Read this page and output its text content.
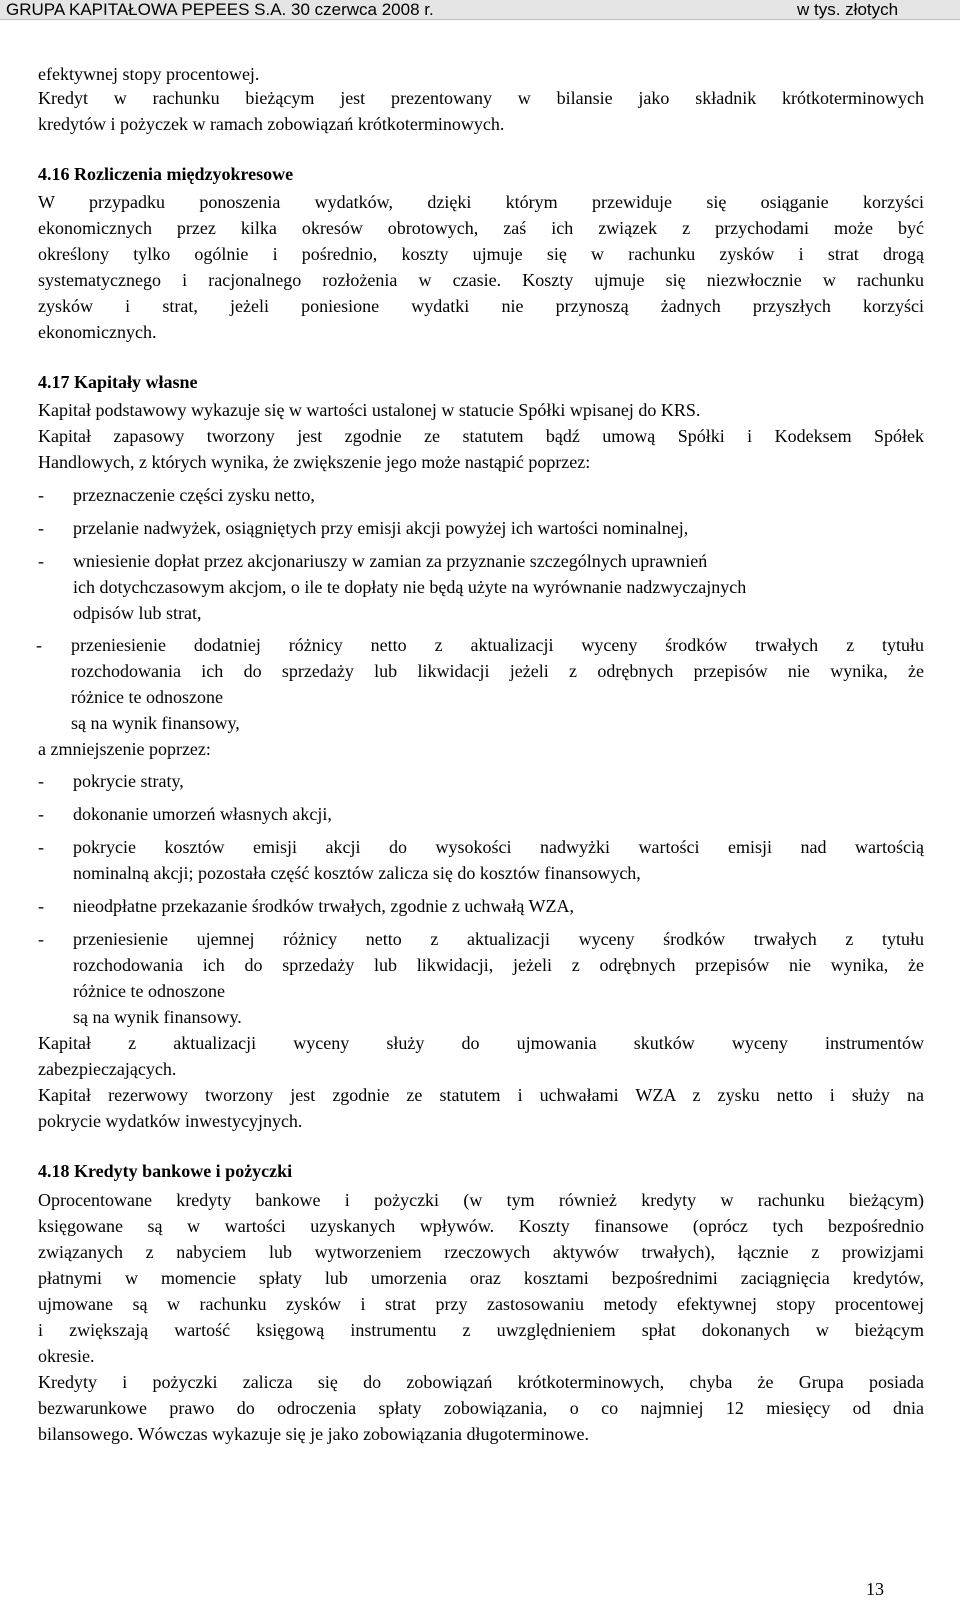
GRUPA KAPITAŁOWA PEPEES S.A. 30 czerwca 2008 r.	w tys. złotych
efektywnej stopy procentowej.
Kredyt w rachunku bieżącym jest prezentowany w bilansie jako składnik krótkoterminowych
kredytów i pożyczek w ramach zobowiązań krótkoterminowych.
4.16 Rozliczenia międzyokresowe
W przypadku ponoszenia wydatków, dzięki którym przewiduje się osiąganie korzyści
ekonomicznych przez kilka okresów obrotowych, zaś ich związek z przychodami może być
określony tylko ogólnie i pośrednio, koszty ujmuje się w rachunku zysków i strat drogą
systematycznego i racjonalnego rozłożenia w czasie. Koszty ujmuje się niezwłocznie w rachunku
zysków i strat, jeżeli poniesione wydatki nie przynoszą żadnych przyszłych korzyści
ekonomicznych.
4.17 Kapitały własne
Kapitał podstawowy wykazuje się w wartości ustalonej w statucie Spółki wpisanej do KRS.
Kapitał zapasowy tworzony jest zgodnie ze statutem bądź umową Spółki i Kodeksem Spółek
Handlowych, z których wynika, że zwiększenie jego może nastąpić poprzez:
- przeznaczenie części zysku netto,
- przelanie nadwyżek, osiągniętych przy emisji akcji powyżej ich wartości nominalnej,
- wniesienie dopłat przez akcjonariuszy w zamian za przyznanie szczególnych uprawnień
ich dotychczasowym akcjom, o ile te dopłaty nie będą użyte na wyrównanie nadzwyczajnych
odpisów lub strat,
- przeniesienie dodatniej różnicy netto z aktualizacji wyceny środków trwałych z tytułu
rozchodowania ich do sprzedaży lub likwidacji jeżeli z odrębnych przepisów nie wynika, że
różnice te odnoszone
są na wynik finansowy,
a zmniejszenie poprzez:
- pokrycie straty,
- dokonanie umorzeń własnych akcji,
- pokrycie kosztów emisji akcji do wysokości nadwyżki wartości emisji nad wartością
nominalną akcji; pozostała część kosztów zalicza się do kosztów finansowych,
- nieodpłatne przekazanie środków trwałych, zgodnie z uchwałą WZA,
- przeniesienie ujemnej różnicy netto z aktualizacji wyceny środków trwałych z tytułu
rozchodowania ich do sprzedaży lub likwidacji, jeżeli z odrębnych przepisów nie wynika, że
różnice te odnoszone
są na wynik finansowy.
Kapitał z aktualizacji wyceny służy do ujmowania skutków wyceny instrumentów
zabezpieczających.
Kapitał rezerwowy tworzony jest zgodnie ze statutem i uchwałami WZA z zysku netto i służy na
pokrycie wydatków inwestycyjnych.
4.18 Kredyty bankowe i pożyczki
Oprocentowane kredyty bankowe i pożyczki (w tym również kredyty w rachunku bieżącym)
księgowane są w wartości uzyskanych wpływów. Koszty finansowe (oprócz tych bezpośrednio
związanych z nabyciem lub wytworzeniem rzeczowych aktywów trwałych), łącznie z prowizjami
płatnymi w momencie spłaty lub umorzenia oraz kosztami bezpośrednimi zaciągnięcia kredytów,
ujmowane są w rachunku zysków i strat przy zastosowaniu metody efektywnej stopy procentowej
i zwiększają wartość księgową instrumentu z uwzględnieniem spłat dokonanych w bieżącym
okresie.
Kredyty i pożyczki zalicza się do zobowiązań krótkoterminowych, chyba że Grupa posiada
bezwarunkowe prawo do odroczenia spłaty zobowiązania, o co najmniej 12 miesięcy od dnia
bilansowego. Wówczas wykazuje się je jako zobowiązania długoterminowe.
13
